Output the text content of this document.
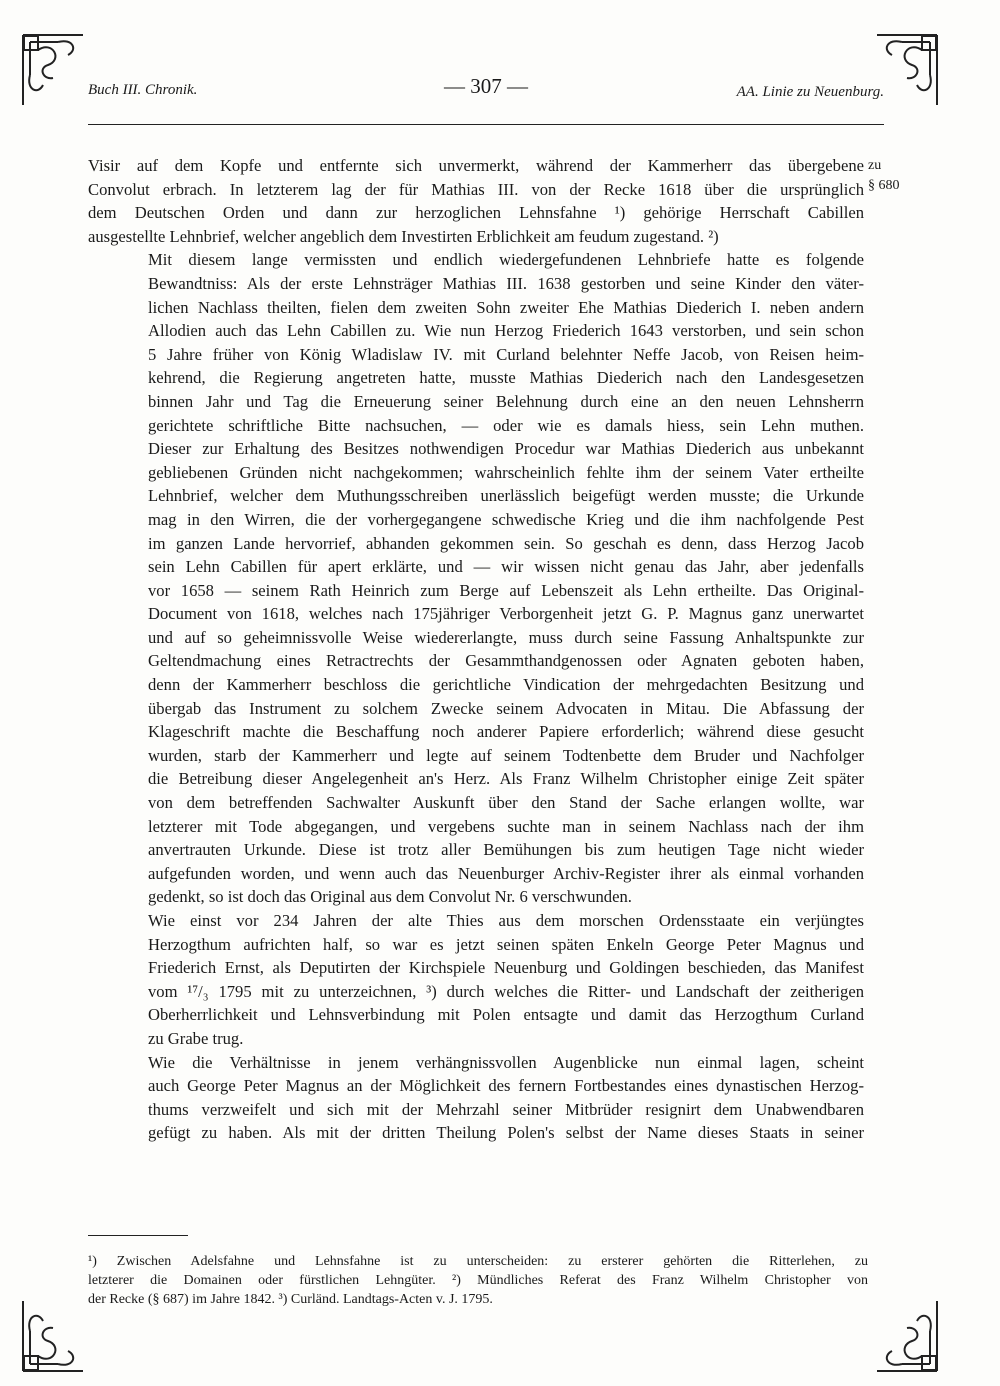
Buch III. Chronik.	— 307 —	AA. Linie zu Neuenburg.
zu
§ 680

Visir auf dem Kopfe und entfernte sich unvermerkt, während der Kammerherr das übergebene
Convolut erbrach. In letzterem lag der für Mathias III. von der Recke 1618 über die ursprünglich
dem Deutschen Orden und dann zur herzoglichen Lehnsfahne ¹) gehörige Herrschaft Cabillen
ausgestellte Lehnbrief, welcher angeblich dem Investirten Erblichkeit am feudum zugestand. ²)

Mit diesem lange vermissten und endlich wiedergefundenen Lehnbriefe hatte es folgende
Bewandtniss: Als der erste Lehnsträger Mathias III. 1638 gestorben und seine Kinder den väter-
lichen Nachlass theilten, fielen dem zweiten Sohn zweiter Ehe Mathias Diederich I. neben andern
Allodien auch das Lehn Cabillen zu. Wie nun Herzog Friederich 1643 verstorben, und sein schon
5 Jahre früher von König Wladislaw IV. mit Curland belehnter Neffe Jacob, von Reisen heim-
kehrend, die Regierung angetreten hatte, musste Mathias Diederich nach den Landesgesetzen
binnen Jahr und Tag die Erneuerung seiner Belehnung durch eine an den neuen Lehnsherrn
gerichtete schriftliche Bitte nachsuchen, — oder wie es damals hiess, sein Lehn muthen.
Dieser zur Erhaltung des Besitzes nothwendigen Procedur war Mathias Diederich aus unbekannt
gebliebenen Gründen nicht nachgekommen; wahrscheinlich fehlte ihm der seinem Vater ertheilte
Lehnbrief, welcher dem Muthungsschreiben unerlässlich beigefügt werden musste; die Urkunde
mag in den Wirren, die der vorhergegangene schwedische Krieg und die ihm nachfolgende Pest
im ganzen Lande hervorrief, abhanden gekommen sein. So geschah es denn, dass Herzog Jacob
sein Lehn Cabillen für apert erklärte, und — wir wissen nicht genau das Jahr, aber jedenfalls
vor 1658 — seinem Rath Heinrich zum Berge auf Lebenszeit als Lehn ertheilte. Das Original-
Document von 1618, welches nach 175jähriger Verborgenheit jetzt G. P. Magnus ganz unerwartet
und auf so geheimnissvolle Weise wiedererlangte, muss durch seine Fassung Anhaltspunkte zur
Geltendmachung eines Retractrechts der Gesammthandgenossen oder Agnaten geboten haben,
denn der Kammerherr beschloss die gerichtliche Vindication der mehrgedachten Besitzung und
übergab das Instrument zu solchem Zwecke seinem Advocaten in Mitau. Die Abfassung der
Klageschrift machte die Beschaffung noch anderer Papiere erforderlich; während diese gesucht
wurden, starb der Kammerherr und legte auf seinem Todtenbette dem Bruder und Nachfolger
die Betreibung dieser Angelegenheit an's Herz. Als Franz Wilhelm Christopher einige Zeit später
von dem betreffenden Sachwalter Auskunft über den Stand der Sache erlangen wollte, war
letzterer mit Tode abgegangen, und vergebens suchte man in seinem Nachlass nach der ihm
anvertrauten Urkunde. Diese ist trotz aller Bemühungen bis zum heutigen Tage nicht wieder
aufgefunden worden, und wenn auch das Neuenburger Archiv-Register ihrer als einmal vorhanden
gedenkt, so ist doch das Original aus dem Convolut Nr. 6 verschwunden.

Wie einst vor 234 Jahren der alte Thies aus dem morschen Ordensstaate ein verjüngtes
Herzogthum aufrichten half, so war es jetzt seinen späten Enkeln George Peter Magnus und
Friederich Ernst, als Deputirten der Kirchspiele Neuenburg und Goldingen beschieden, das Manifest
vom ¹⁷/₃ 1795 mit zu unterzeichnen, ³) durch welches die Ritter- und Landschaft der zeitherigen
Oberherrlichkeit und Lehnsverbindung mit Polen entsagte und damit das Herzogthum Curland
zu Grabe trug.

Wie die Verhältnisse in jenem verhängnissvollen Augenblicke nun einmal lagen, scheint
auch George Peter Magnus an der Möglichkeit des fernern Fortbestandes eines dynastischen Herzog-
thums verzweifelt und sich mit der Mehrzahl seiner Mitbrüder resignirt dem Unabwendbaren
gefügt zu haben. Als mit der dritten Theilung Polen's selbst der Name dieses Staats in seiner

¹) Zwischen Adelsfahne und Lehnsfahne ist zu unterscheiden: zu ersterer gehörten die Ritterlehen, zu
letzterer die Domainen oder fürstlichen Lehngüter. ²) Mündliches Referat des Franz Wilhelm Christopher von
der Recke (§ 687) im Jahre 1842. ³) Curländ. Landtags-Acten v. J. 1795.
